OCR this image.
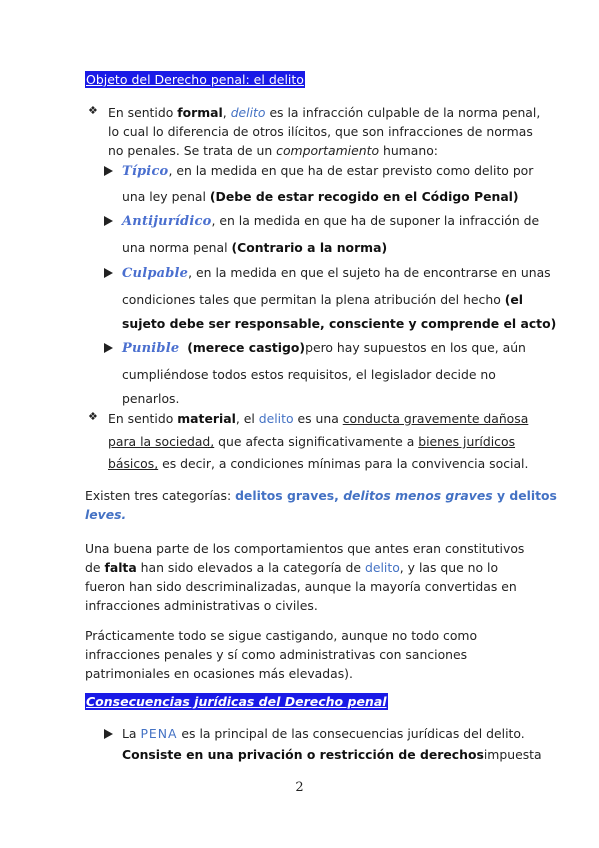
Objeto del Derecho penal: el delito
❖ En sentido formal, delito es la infracción culpable de la norma penal,
lo cual lo diferencia de otros ilícitos, que son infracciones de normas
no penales. Se trata de un comportamiento humano:
Típico, en la medida en que ha de estar previsto como delito por
una ley penal (Debe de estar recogido en el Código Penal)
Antijurídico, en la medida en que ha de suponer la infracción de
una norma penal (Contrario a la norma)
Culpable, en la medida en que el sujeto ha de encontrarse en unas
condiciones tales que permitan la plena atribución del hecho (el
sujeto debe ser responsable, consciente y comprende el acto)
Punible (merece castigo) pero hay supuestos en los que, aún
cumpliéndose todos estos requisitos, el legislador decide no
penarlos.
❖ En sentido material, el delito es una conducta gravemente dañosa
para la sociedad, que afecta significativamente a bienes jurídicos
básicos, es decir, a condiciones mínimas para la convivencia social.
Existen tres categorías: delitos graves, delitos menos graves y delitos
leves.
Una buena parte de los comportamientos que antes eran constitutivos
de falta han sido elevados a la categoría de delito, y las que no lo
fueron han sido descriminalizadas, aunque la mayoría convertidas en
infracciones administrativas o civiles.
Prácticamente todo se sigue castigando, aunque no todo como
infracciones penales y sí como administrativas con sanciones
patrimoniales en ocasiones más elevadas).
Consecuencias jurídicas del Derecho penal
La PENA es la principal de las consecuencias jurídicas del delito.
Consiste en una privación o restricción de derechos impuesta
2
